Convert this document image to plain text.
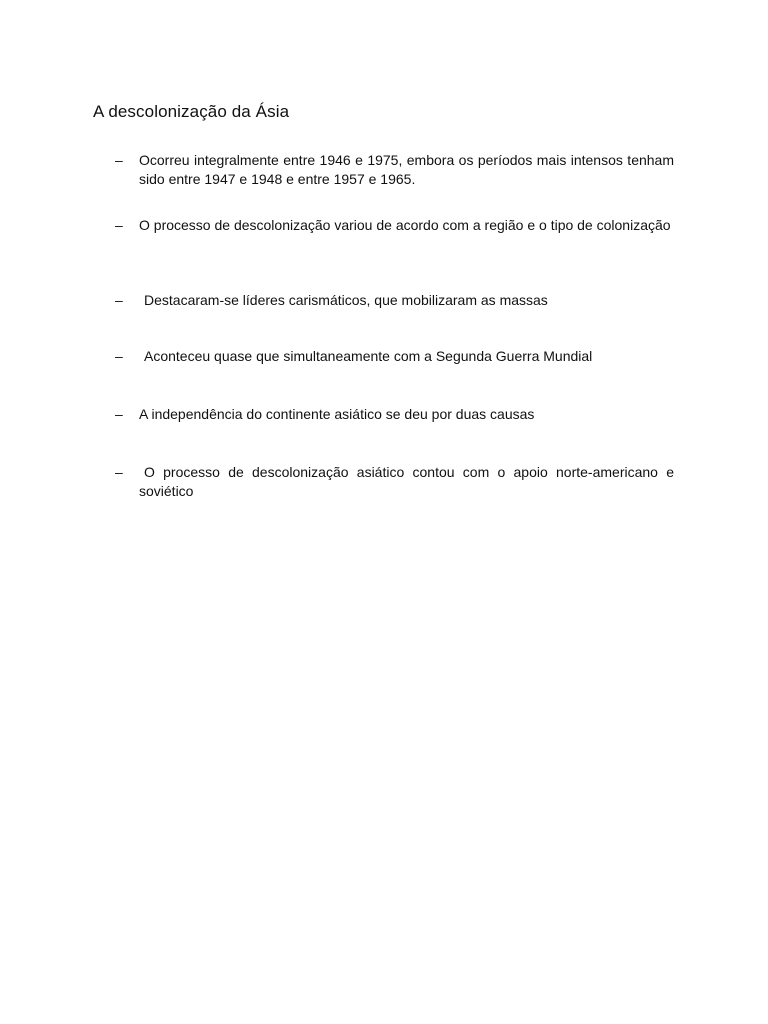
A descolonização da Ásia
– Ocorreu integralmente entre 1946 e 1975, embora os períodos mais intensos tenham sido entre 1947 e 1948 e entre 1957 e 1965.

– O processo de descolonização variou de acordo com a região e o tipo de colonização

–	Destacaram-se líderes carismáticos, que mobilizaram as massas

–	Aconteceu quase que simultaneamente com a Segunda Guerra Mundial

– A independência do continente asiático se deu por duas causas

–	O processo de descolonização asiático contou com o apoio norte-americano e soviético
